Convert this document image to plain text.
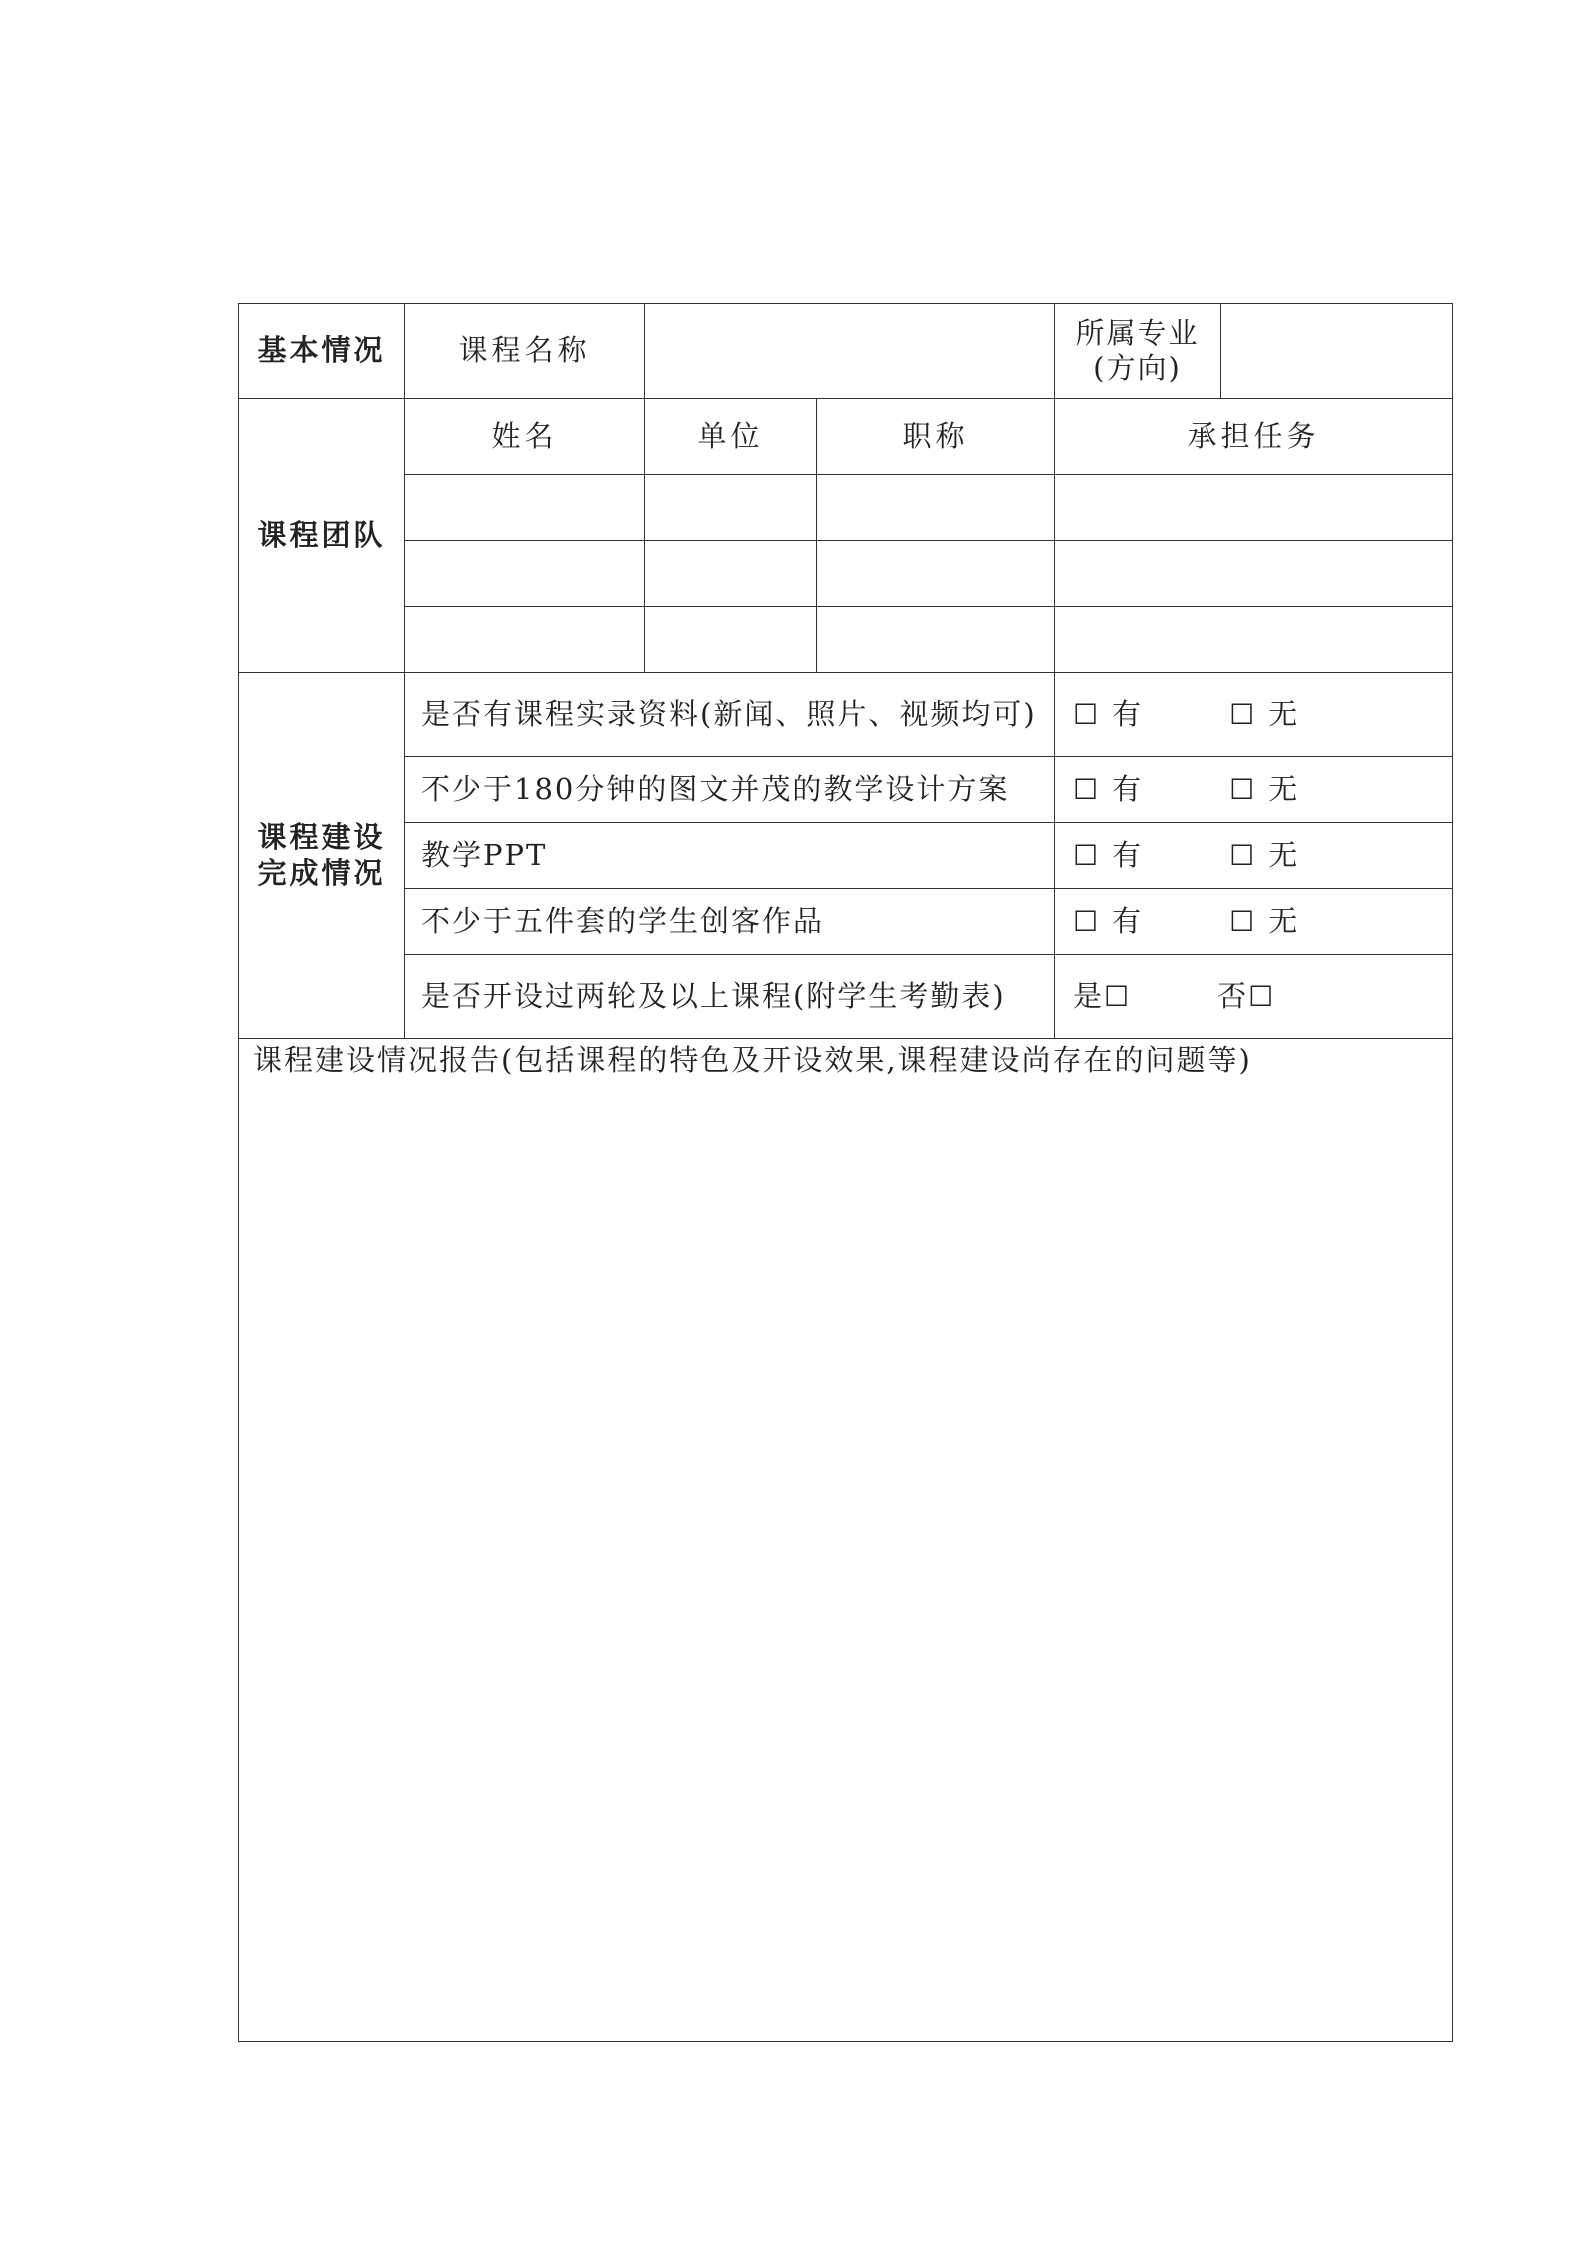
基本情况	课程名称			所属专业
(方向)	

课程团队	姓名	单位	职称	承担任务	

课程建设
完成情况	是否有课程实录资料(新闻、照片、视频均可)			☐ 有 ☐ 无	
	不少于180分钟的图文并茂的教学设计方案			☐ 有 ☐ 无	
	教学PPT			☐ 有 ☐ 无	
	不少于五件套的学生创客作品			☐ 有 ☐ 无	
	是否开设过两轮及以上课程(附学生考勤表)			是☐ 否☐	

课程建设情况报告(包括课程的特色及开设效果,课程建设尚存在的问题等)					
